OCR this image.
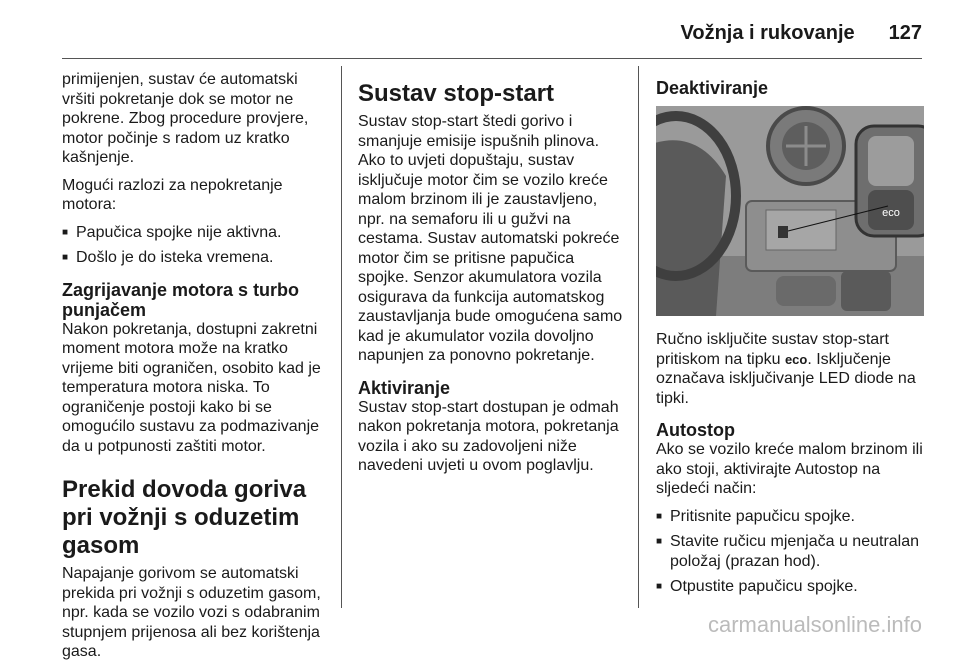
Vožnja i rukovanje 127

primijenjen, sustav će automatski vršiti pokretanje dok se motor ne pokrene. Zbog procedure provjere, motor počinje s radom uz kratko kašnjenje.

Mogući razlozi za nepokretanje motora:

■ Papučica spojke nije aktivna.
■ Došlo je do isteka vremena.
Zagrijavanje motora s turbo punjačem

Nakon pokretanja, dostupni zakretni moment motora može na kratko vrijeme biti ograničen, osobito kad je temperatura motora niska. To ograničenje postoji kako bi se omogućilo sustavu za podmazivanje da u potpunosti zaštiti motor.

Prekid dovoda goriva pri vožnji s oduzetim gasom

Napajanje gorivom se automatski prekida pri vožnji s oduzetim gasom, npr. kada se vozilo vozi s odabranim stupnjem prijenosa ali bez korištenja gasa.

Sustav stop-start

Sustav stop-start štedi gorivo i smanjuje emisije ispušnih plinova. Ako to uvjeti dopuštaju, sustav isključuje motor čim se vozilo kreće malom brzinom ili je zaustavljeno, npr. na semaforu ili u gužvi na cestama. Sustav automatski pokreće motor čim se pritisne papučica spojke. Senzor akumulatora vozila osigurava da funkcija automatskog zaustavljanja bude omogućena samo kad je akumulator vozila dovoljno napunjen za ponovno pokretanje.

Aktiviranje

Sustav stop-start dostupan je odmah nakon pokretanja motora, pokretanja vozila i ako su zadovoljeni niže navedeni uvjeti u ovom poglavlju.

Deaktiviranje
eco

Ručno isključite sustav stop-start pritiskom na tipku eco. Isključenje označava isključivanje LED diode na tipki.

Autostop

Ako se vozilo kreće malom brzinom ili ako stoji, aktivirajte Autostop na sljedeći način:

■ Pritisnite papučicu spojke.
■ Stavite ručicu mjenjača u neutralan položaj (prazan hod).
■ Otpustite papučicu spojke.
carmanualsonline.info
